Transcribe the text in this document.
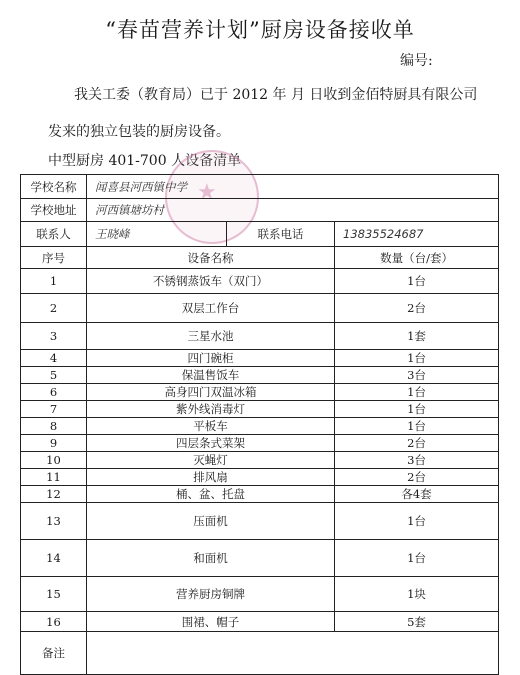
“春苗营养计划”厨房设备接收单
编号:
我关工委（教育局）已于 2012 年 月 日收到金佰特厨具有限公司
发来的独立包装的厨房设备。
中型厨房 401-700 人设备清单
★
学校名称	闻喜县河西镇中学		
学校地址	河西镇塘坊村		
联系人	王晓峰	联系电话	13835524687
序号	设备名称		数量（台/套）
1	不锈钢蒸饭车（双门）		1台
2	双层工作台		2台
3	三星水池		1套
4	四门碗柜		1台
5	保温售饭车		3台
6	高身四门双温冰箱		1台
7	紫外线消毒灯		1台
8	平板车		1台
9	四层条式菜架		2台
10	灭蝇灯		3台
11	排风扇		2台
12	桶、盆、托盘		各4套
13	压面机		1台
14	和面机		1台
15	营养厨房铜牌		1块
16	围裙、帽子		5套
备注			
